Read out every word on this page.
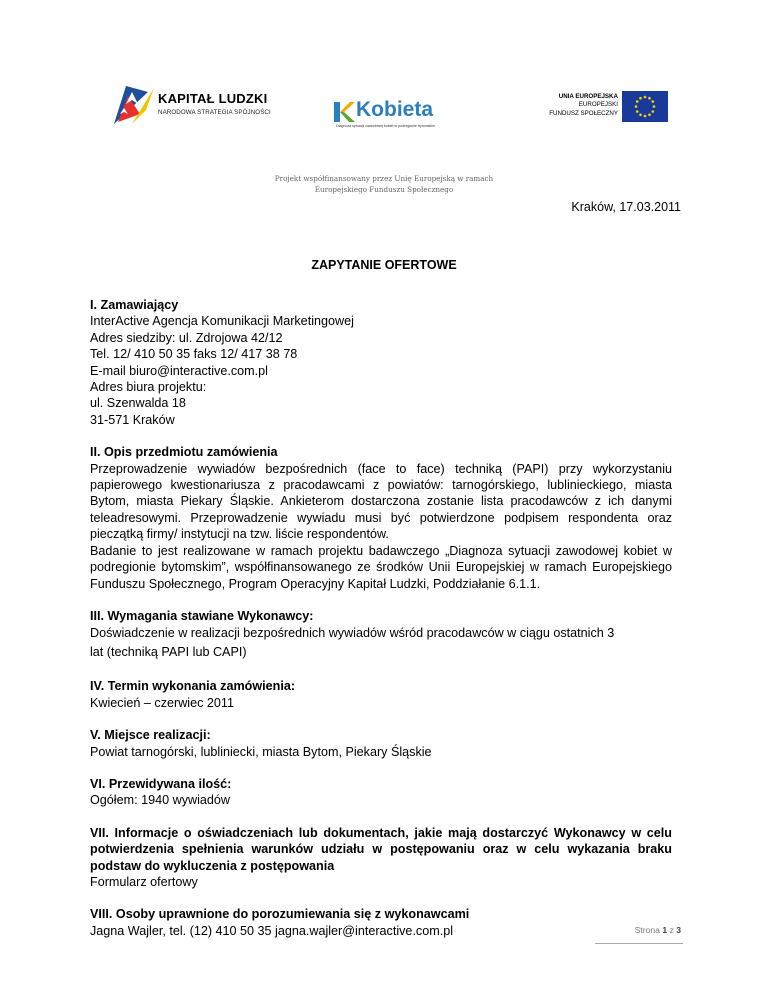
KAPITAŁ LUDZKI
NARODOWA STRATEGIA SPÓJNOŚCI	Kobieta
Diagnoza sytuacji zawodowej kobiet w podregionie bytomskim
UNIA EUROPEJSKA
EUROPEJSKI
FUNDUSZ SPOŁECZNY
Projekt współfinansowany przez Unię Europejską w ramach
Europejskiego Funduszu Społecznego
Kraków, 17.03.2011
ZAPYTANIE OFERTOWE

I. Zamawiający

InterActive Agencja Komunikacji Marketingowej

Adres siedziby: ul. Zdrojowa 42/12

Tel. 12/ 410 50 35 faks 12/ 417 38 78

E-mail biuro@interactive.com.pl

Adres biura projektu:

ul. Szenwalda 18

31-571 Kraków

II. Opis przedmiotu zamówienia

Przeprowadzenie wywiadów bezpośrednich (face to face) techniką (PAPI) przy wykorzystaniu papierowego kwestionariusza z pracodawcami z powiatów: tarnogórskiego, lublinieckiego, miasta Bytom, miasta Piekary Śląskie. Ankieterom dostarczona zostanie lista pracodawców z ich danymi teleadresowymi. Przeprowadzenie wywiadu musi być potwierdzone podpisem respondenta oraz pieczątką firmy/ instytucji na tzw. liście respondentów.

Badanie to jest realizowane w ramach projektu badawczego „Diagnoza sytuacji zawodowej kobiet w podregionie bytomskim”, współfinansowanego ze środków Unii Europejskiej w ramach Europejskiego Funduszu Społecznego, Program Operacyjny Kapitał Ludzki, Poddziałanie 6.1.1.

III. Wymagania stawiane Wykonawcy:

Doświadczenie w realizacji bezpośrednich wywiadów wśród pracodawców w ciągu ostatnich 3

lat (techniką PAPI lub CAPI)

IV. Termin wykonania zamówienia:

Kwiecień – czerwiec 2011

V. Miejsce realizacji:

Powiat tarnogórski, lubliniecki, miasta Bytom, Piekary Śląskie

VI. Przewidywana ilość:

Ogółem: 1940 wywiadów

VII. Informacje o oświadczeniach lub dokumentach, jakie mają dostarczyć Wykonawcy w celu potwierdzenia spełnienia warunków udziału w postępowaniu oraz w celu wykazania braku podstaw do wykluczenia z postępowania

Formularz ofertowy

VIII. Osoby uprawnione do porozumiewania się z wykonawcami

Jagna Wajler, tel. (12) 410 50 35 jagna.wajler@interactive.com.pl	Strona 1 z 3
